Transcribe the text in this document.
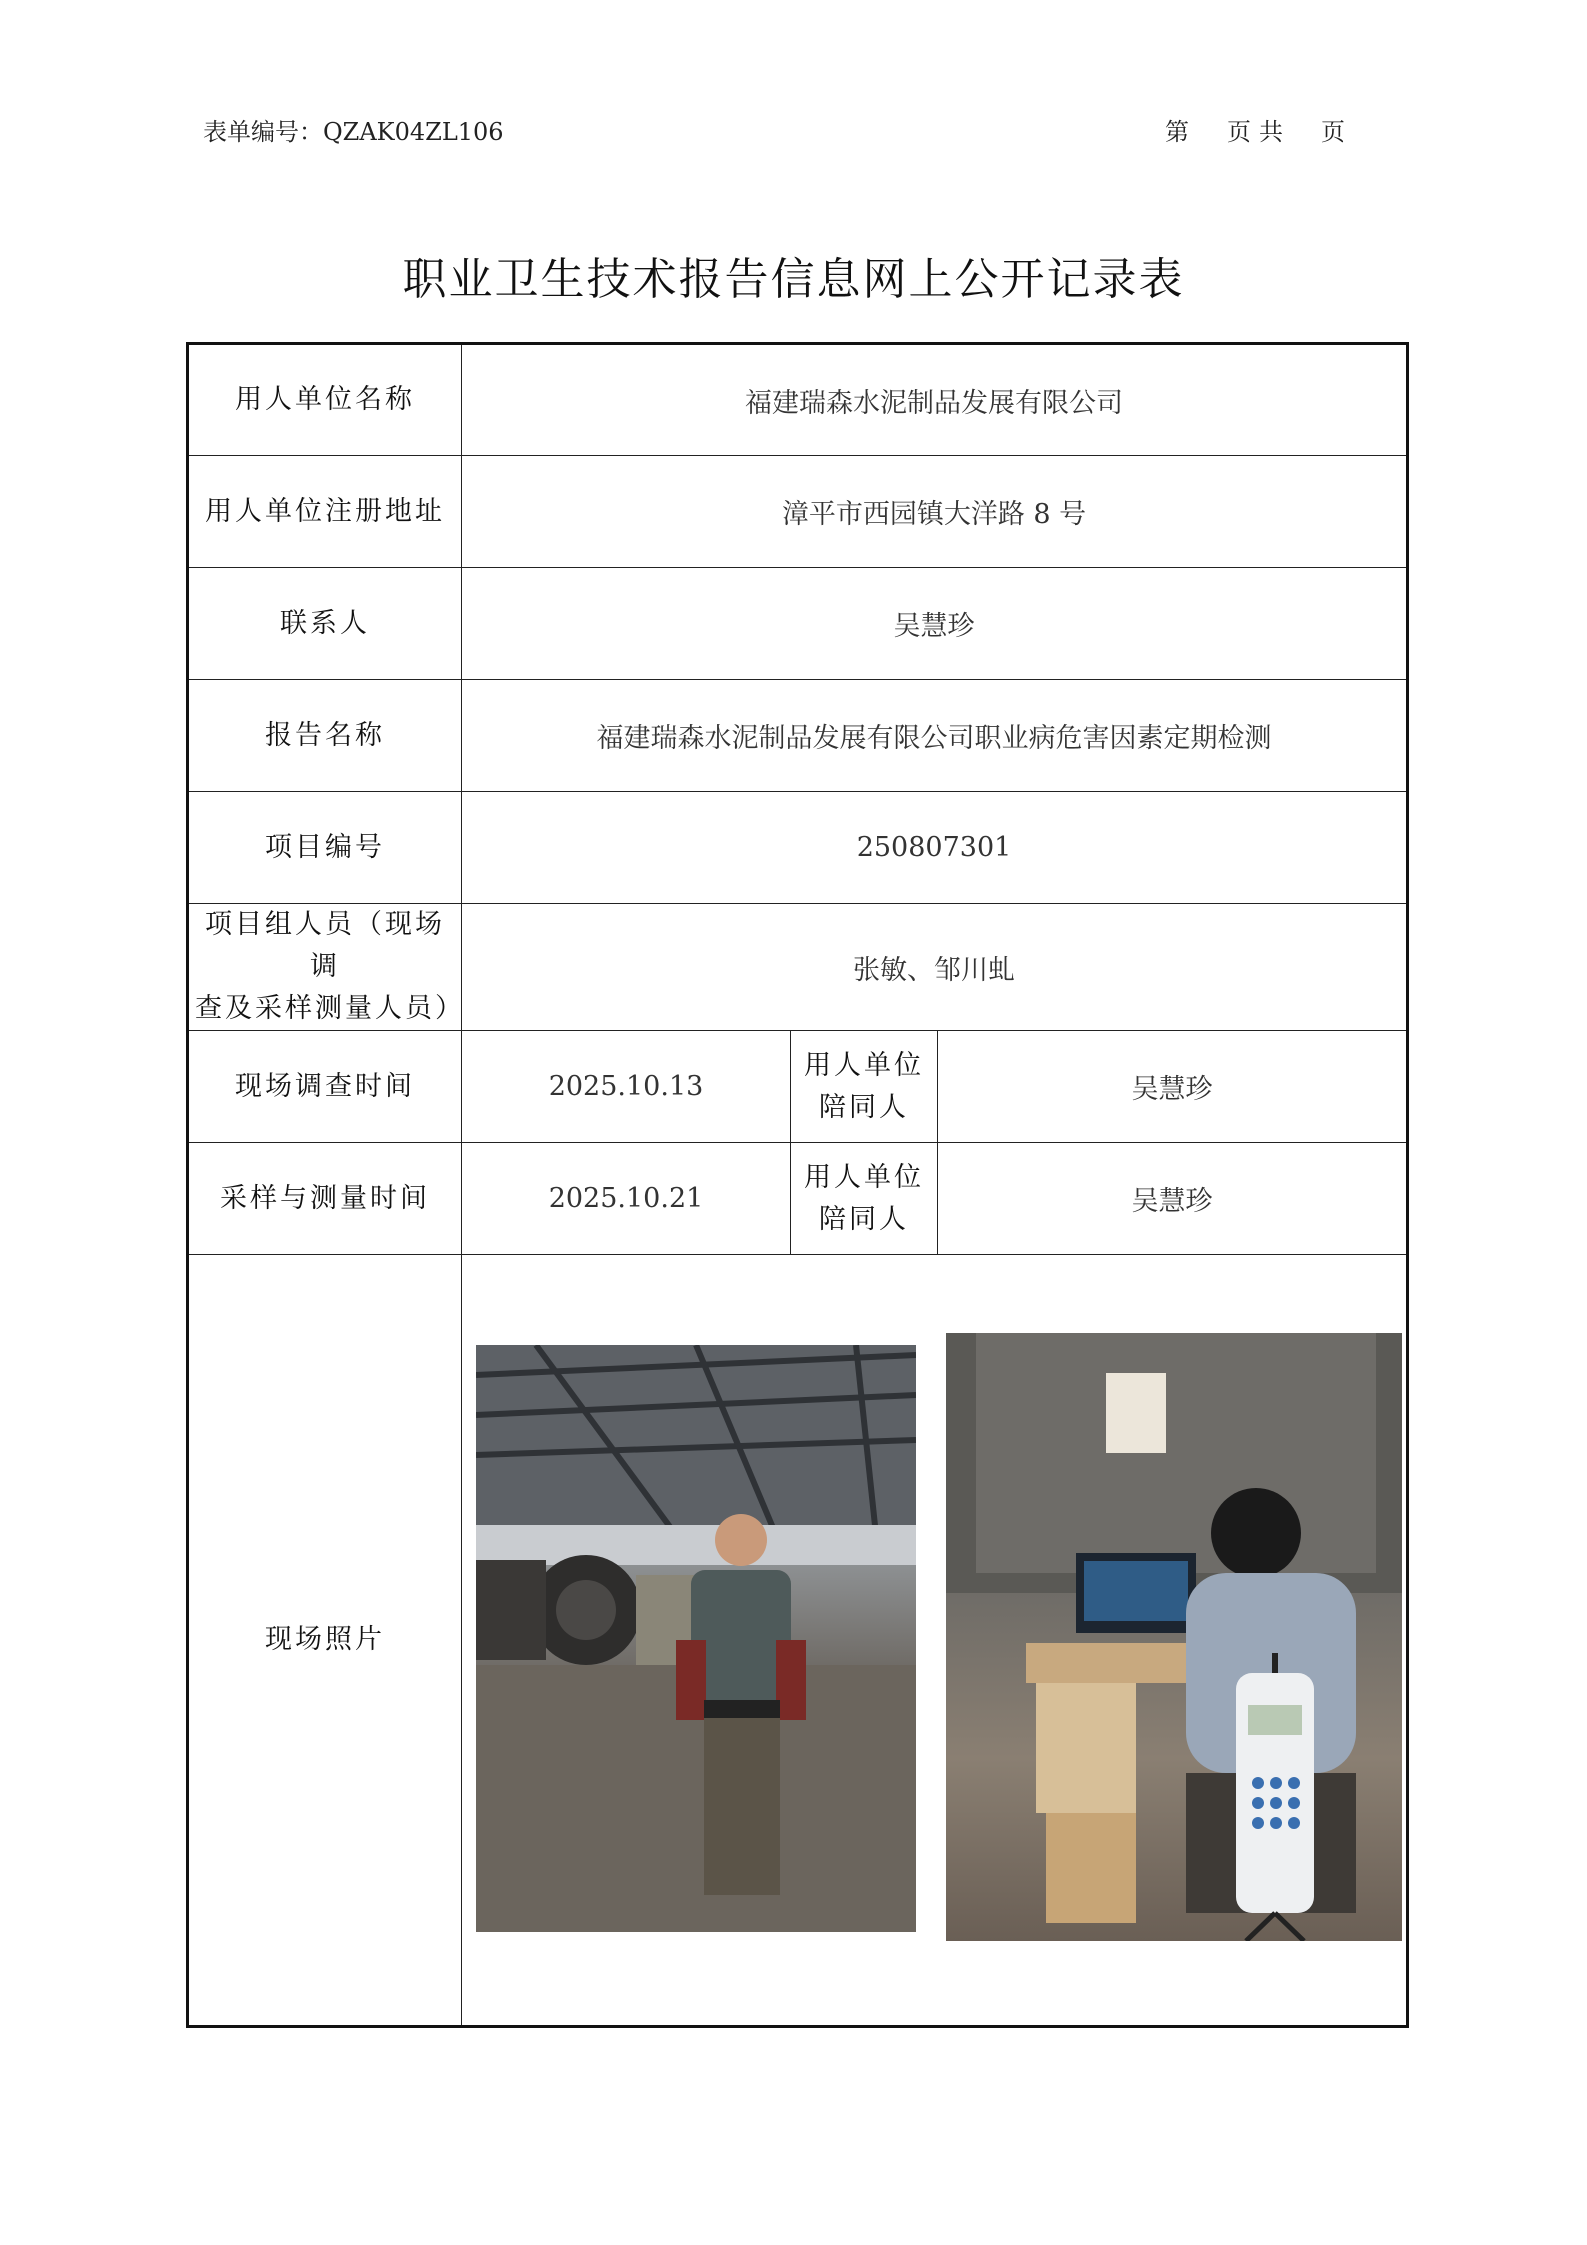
表单编号：QZAK04ZL106	第 页 共 页
职业卫生技术报告信息网上公开记录表
用人单位名称	福建瑞森水泥制品发展有限公司		
用人单位注册地址	漳平市西园镇大洋路 8 号		
联系人	吴慧珍		
报告名称	福建瑞森水泥制品发展有限公司职业病危害因素定期检测		
项目编号	250807301		

项目组人员（现场调
查及采样测量人员）	张敏、邹川虬		
现场调查时间	2025.10.13	用人单位
陪同人	吴慧珍
采样与测量时间	2025.10.21	用人单位
陪同人	吴慧珍
现场照片	
